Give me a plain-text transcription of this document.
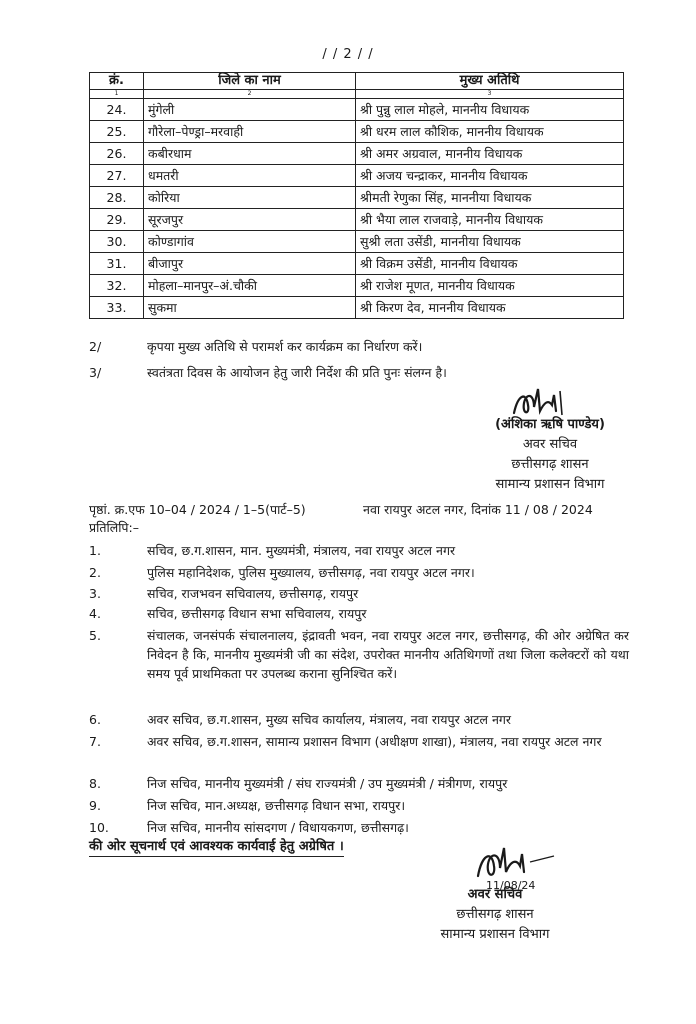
/ / 2 / /
क्रं.	जिले का नाम	मुख्य अतिथि
1	2	3
24.	मुंगेली	श्री पुन्नु लाल मोहले, माननीय विधायक
25.	गौरेला–पेण्ड्रा–मरवाही	श्री धरम लाल कौशिक, माननीय विधायक
26.	कबीरधाम	श्री अमर अग्रवाल, माननीय विधायक
27.	धमतरी	श्री अजय चन्द्राकर, माननीय विधायक
28.	कोरिया	श्रीमती रेणुका सिंह, माननीया विधायक
29.	सूरजपुर	श्री भैया लाल राजवाड़े, माननीय विधायक
30.	कोण्डागांव	सुश्री लता उसेंडी, माननीया विधायक
31.	बीजापुर	श्री विक्रम उसेंडी, माननीय विधायक
32.	मोहला–मानपुर–अं.चौकी	श्री राजेश मूणत, माननीय विधायक
33.	सुकमा	श्री किरण देव, माननीय विधायक
2/	कृपया मुख्य अतिथि से परामर्श कर कार्यक्रम का निर्धारण करें।
3/	स्वतंत्रता दिवस के आयोजन हेतु जारी निर्देश की प्रति पुनः संलग्न है।
(अंशिका ऋषि पाण्डेय)
अवर सचिव
छत्तीसगढ़ शासन
सामान्य प्रशासन विभाग
पृष्ठां. क्र.एफ 10–04 / 2024 / 1–5(पार्ट–5)	नवा रायपुर अटल नगर, दिनांक 11 / 08 / 2024
प्रतिलिपि:–
1.	सचिव, छ.ग.शासन, मान. मुख्यमंत्री, मंत्रालय, नवा रायपुर अटल नगर
2.	पुलिस महानिदेशक, पुलिस मुख्यालय, छत्तीसगढ़, नवा रायपुर अटल नगर।
3.	सचिव, राजभवन सचिवालय, छत्तीसगढ़, रायपुर
4.	सचिव, छत्तीसगढ़ विधान सभा सचिवालय, रायपुर
5.	संचालक, जनसंपर्क संचालनालय, इंद्रावती भवन, नवा रायपुर अटल नगर, छत्तीसगढ़, की ओर अग्रेषित कर निवेदन है कि, माननीय मुख्यमंत्री जी का संदेश, उपरोक्त माननीय अतिथिगणों तथा जिला कलेक्टरों को यथा समय पूर्व प्राथमिकता पर उपलब्ध कराना सुनिश्चित करें।
6.	अवर सचिव, छ.ग.शासन, मुख्य सचिव कार्यालय, मंत्रालय, नवा रायपुर अटल नगर
7.	अवर सचिव, छ.ग.शासन, सामान्य प्रशासन विभाग (अधीक्षण शाखा), मंत्रालय, नवा रायपुर अटल नगर
8.	निज सचिव, माननीय मुख्यमंत्री / संघ राज्यमंत्री / उप मुख्यमंत्री / मंत्रीगण, रायपुर
9.	निज सचिव, मान.अध्यक्ष, छत्तीसगढ़ विधान सभा, रायपुर।
10.	निज सचिव, माननीय सांसदगण / विधायकगण, छत्तीसगढ़।
की ओर सूचनार्थ एवं आवश्यक कार्यवाई हेतु अग्रेषित ।
11/08/24
अवर सचिव
छत्तीसगढ़ शासन
सामान्य प्रशासन विभाग
